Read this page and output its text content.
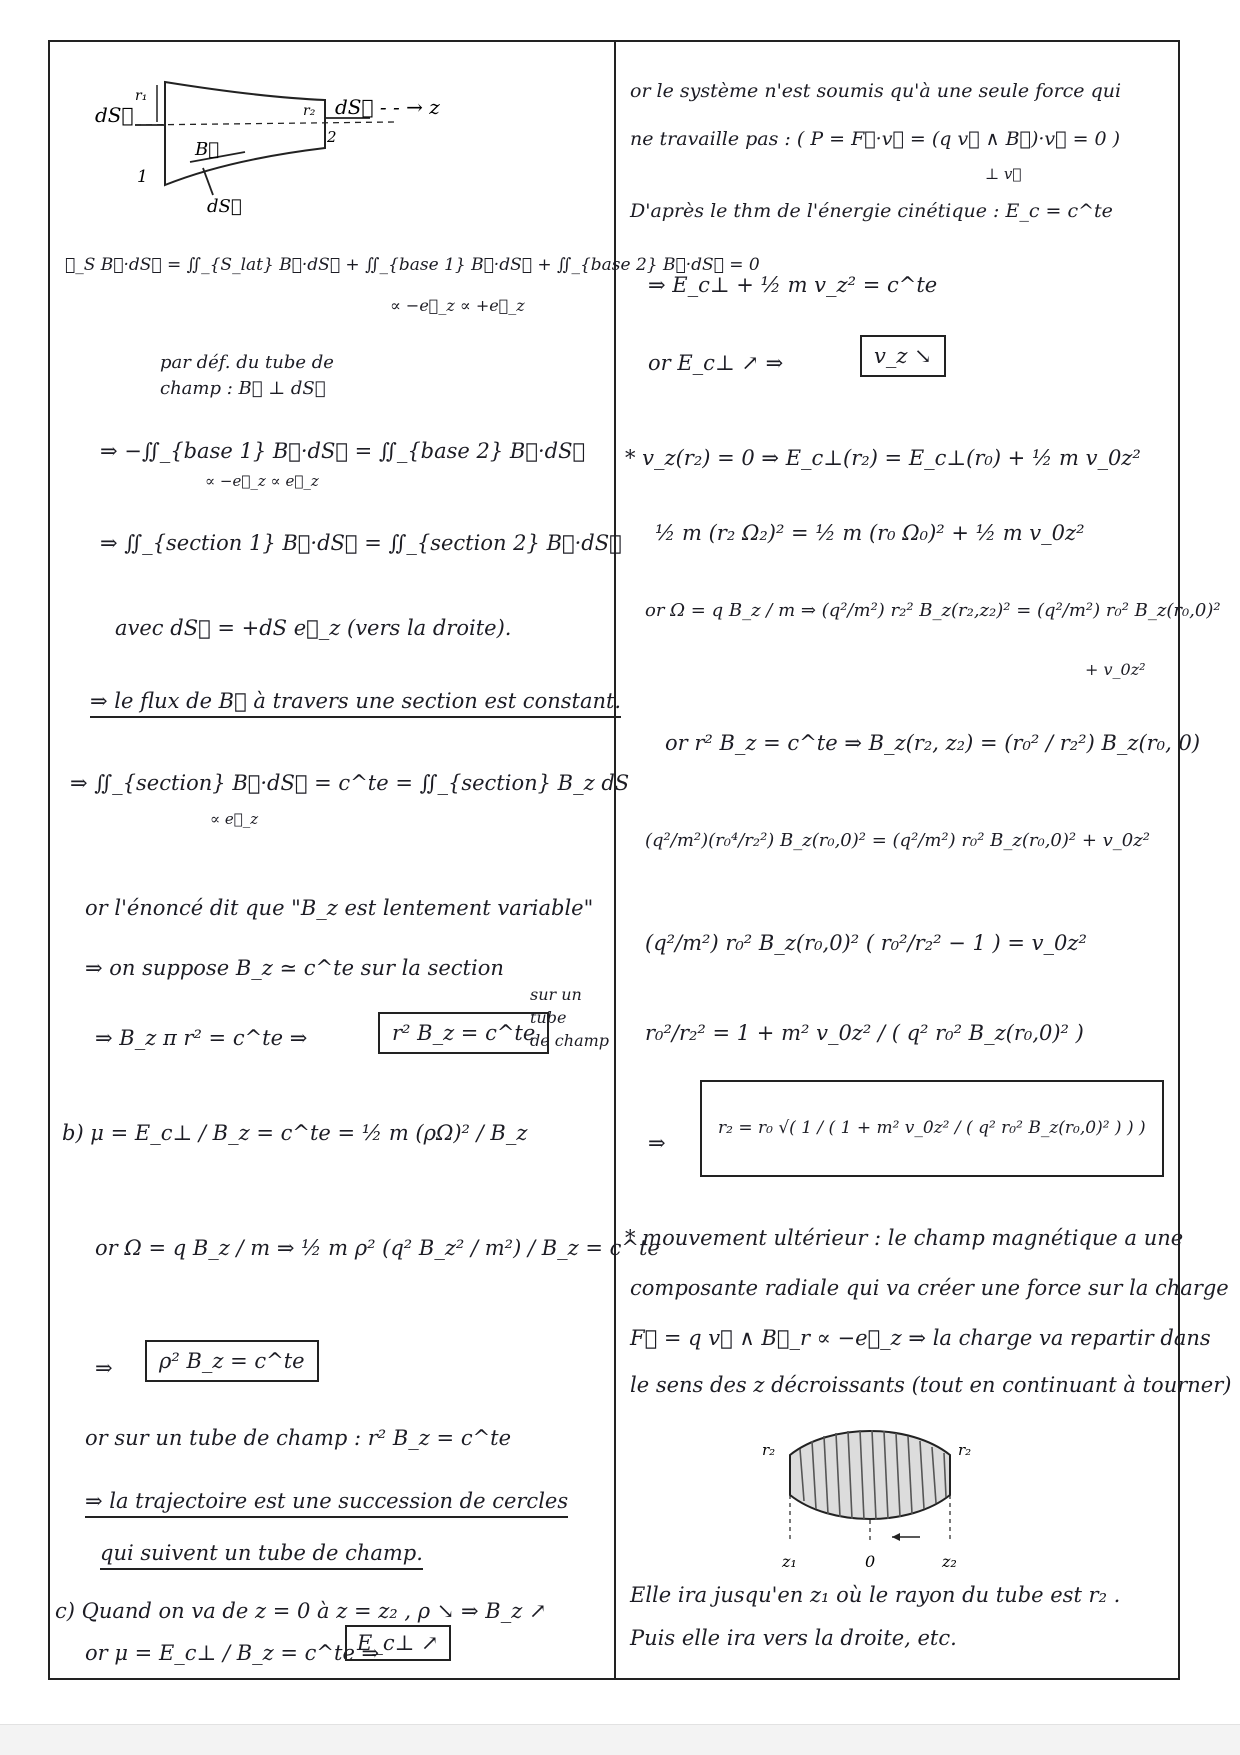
dS⃗
r₁
r₂ dS⃗ - - → z
2
B⃗
1
dS⃗
∯_S B⃗·dS⃗ = ∬_{S_lat} B⃗·dS⃗ + ∬_{base 1} B⃗·dS⃗ + ∬_{base 2} B⃗·dS⃗ = 0
∝ −e⃗_z ∝ +e⃗_z
par déf. du tube de
champ : B⃗ ⊥ dS⃗
⇒ −∬_{base 1} B⃗·dS⃗ = ∬_{base 2} B⃗·dS⃗
∝ −e⃗_z ∝ e⃗_z
⇒ ∬_{section 1} B⃗·dS⃗ = ∬_{section 2} B⃗·dS⃗
avec dS⃗ = +dS e⃗_z (vers la droite).
⇒ le flux de B⃗ à travers une section est constant.
⇒ ∬_{section} B⃗·dS⃗ = c^te = ∬_{section} B_z dS
∝ e⃗_z
or l'énoncé dit que "B_z est lentement variable"
⇒ on suppose B_z ≃ c^te sur la section
⇒ B_z π r² = c^te ⇒	r² B_z = c^te
sur un
tube
de champ
b) μ = E_c⊥ / B_z = c^te = ½ m (ρΩ)² / B_z
or Ω = q B_z / m ⇒ ½ m ρ² (q² B_z² / m²) / B_z = c^te
⇒	ρ² B_z = c^te
or sur un tube de champ : r² B_z = c^te
⇒ la trajectoire est une succession de cercles
qui suivent un tube de champ.
c) Quand on va de z = 0 à z = z₂ , ρ ↘ ⇒ B_z ↗
or μ = E_c⊥ / B_z = c^te ⇒
E_c⊥ ↗
or le système n'est soumis qu'à une seule force qui
ne travaille pas : ( P = F⃗·v⃗ = (q v⃗ ∧ B⃗)·v⃗ = 0 )
⊥ v⃗
D'après le thm de l'énergie cinétique : E_c = c^te
⇒ E_c⊥ + ½ m v_z² = c^te
or E_c⊥ ↗ ⇒	v_z ↘
* v_z(r₂) = 0 ⇒ E_c⊥(r₂) = E_c⊥(r₀) + ½ m v_0z²
½ m (r₂ Ω₂)² = ½ m (r₀ Ω₀)² + ½ m v_0z²
or Ω = q B_z / m ⇒ (q²/m²) r₂² B_z(r₂,z₂)² = (q²/m²) r₀² B_z(r₀,0)²
+ v_0z²
or r² B_z = c^te ⇒ B_z(r₂, z₂) = (r₀² / r₂²) B_z(r₀, 0)
(q²/m²)(r₀⁴/r₂²) B_z(r₀,0)² = (q²/m²) r₀² B_z(r₀,0)² + v_0z²
(q²/m²) r₀² B_z(r₀,0)² ( r₀²/r₂² − 1 ) = v_0z²
r₀²/r₂² = 1 + m² v_0z² / ( q² r₀² B_z(r₀,0)² )
⇒
r₂ = r₀ √( 1 / ( 1 + m² v_0z² / ( q² r₀² B_z(r₀,0)² ) ) )
* mouvement ultérieur : le champ magnétique a une
composante radiale qui va créer une force sur la charge
F⃗ = q v⃗ ∧ B⃗_r ∝ −e⃗_z ⇒ la charge va repartir dans
le sens des z décroissants (tout en continuant à tourner)
r₂	r₂
z₁	0	z₂
Elle ira jusqu'en z₁ où le rayon du tube est r₂ .
Puis elle ira vers la droite, etc.
